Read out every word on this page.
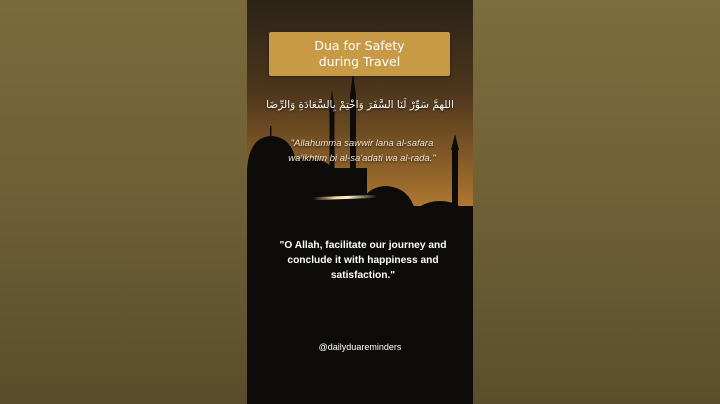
Dua for Safety
during Travel
اللهمَّ سَوِّرْ لَنَا السَّفَرَ وَاخْتِمْ بِالسَّعَادَةِ وَالرِّضَا
"Allahumma sawwir lana al-safara wa'ikhtim bi al-sa'adati wa al-rada."
"O Allah, facilitate our journey and conclude it with happiness and satisfaction."
@dailyduareminders
